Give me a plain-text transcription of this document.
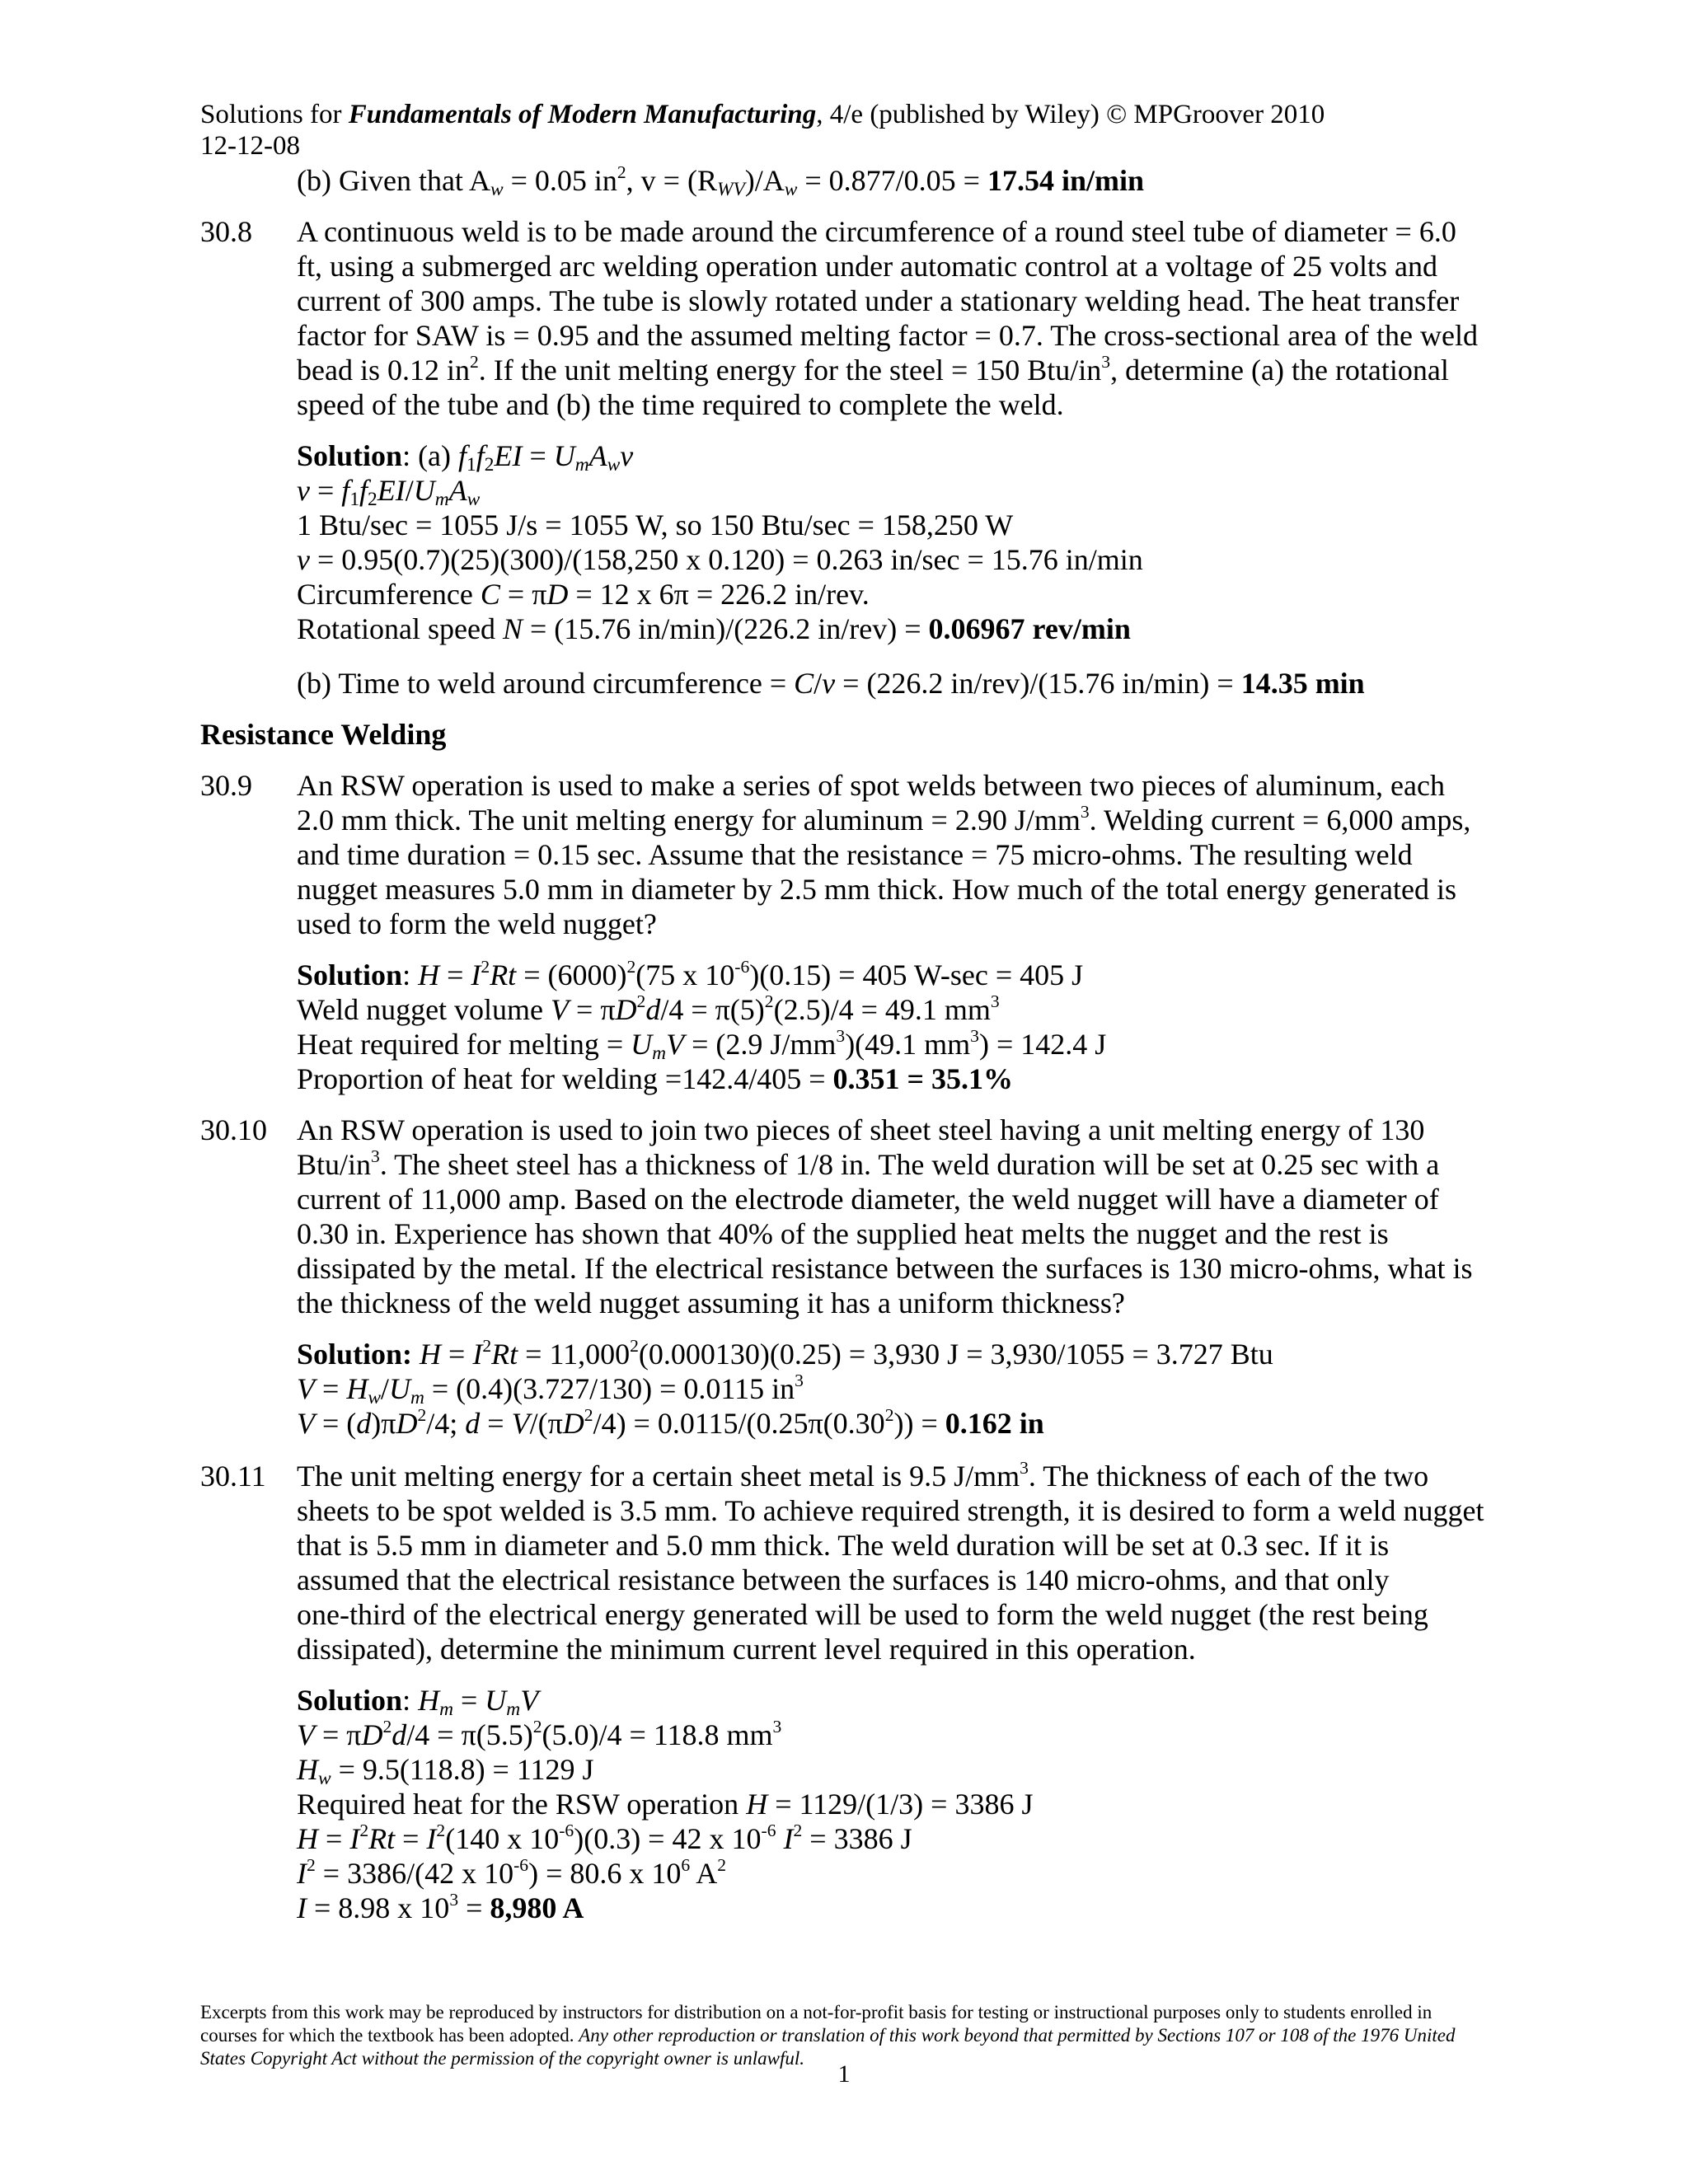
Solutions for Fundamentals of Modern Manufacturing, 4/e (published by Wiley) © MPGroover 2010
12-12-08
(b) Given that $A_w = 0.05$ $in^2$, $v = (R_{WV})/A_w = 0.877/0.05 = 17.54$ in/min
30.8 A continuous weld is to be made around the circumference of a round steel tube of diameter = 6.0
ft, using a submerged arc welding operation under automatic control at a voltage of 25 volts and
current of 300 amps. The tube is slowly rotated under a stationary welding head. The heat transfer
factor for SAW is = 0.95 and the assumed melting factor = 0.7. The cross-sectional area of the weld
bead is 0.12 $in^2$. If the unit melting energy for the steel = 150 Btu/$in^3$, determine (a) the rotational
speed of the tube and (b) the time required to complete the weld.
Solution: (a) $f_1f_2EI = U_mA_wv$
$v = f_1f_2EI/U_mA_w$
1 Btu/sec = 1055 J/s = 1055 W, so 150 Btu/sec = 158,250 W
v = 0.95(0.7)(25)(300)/(158,250 x 0.120) = 0.263 in/sec = 15.76 in/min
Circumference C = πD = 12 x 6π = 226.2 in/rev.
Rotational speed N = (15.76 in/min)/(226.2 in/rev) = 0.06967 rev/min
(b) Time to weld around circumference = C/v = (226.2 in/rev)/(15.76 in/min) = 14.35 min
Resistance Welding
30.9 An RSW operation is used to make a series of spot welds between two pieces of aluminum, each
2.0 mm thick. The unit melting energy for aluminum = 2.90 $J/mm^3$. Welding current = 6,000 amps,
and time duration = 0.15 sec. Assume that the resistance = 75 micro-ohms. The resulting weld
nugget measures 5.0 mm in diameter by 2.5 mm thick. How much of the total energy generated is
used to form the weld nugget?
Solution: $H = I^2Rt = (6000)^2(75$ x $10^{-6})(0.15) = 405$ W-sec = 405 J
Weld nugget volume $V = \pi D^2d/4 = \pi(5)^2(2.5)/4 = 49.1$ $mm^3$
Heat required for melting = $U_mV = (2.9$ $J/mm^3)(49.1$ $mm^3) = 142.4$ J
Proportion of heat for welding =142.4/405 = 0.351 = 35.1%
30.10 An RSW operation is used to join two pieces of sheet steel having a unit melting energy of 130
Btu/$in^3$. The sheet steel has a thickness of 1/8 in. The weld duration will be set at 0.25 sec with a
current of 11,000 amp. Based on the electrode diameter, the weld nugget will have a diameter of
0.30 in. Experience has shown that 40% of the supplied heat melts the nugget and the rest is
dissipated by the metal. If the electrical resistance between the surfaces is 130 micro-ohms, what is
the thickness of the weld nugget assuming it has a uniform thickness?
Solution: $H = I^2Rt = 11,000^2(0.000130)(0.25) = 3,930$ J = 3,930/1055 = 3.727 Btu
$V = H_w/U_m = (0.4)(3.727/130) = 0.0115$ $in^3$
$V = (d)\pi D^2/4$; $d = V/(\pi D^2/4) = 0.0115/(0.25\pi(0.30^2)) = 0.162$ in
30.11 The unit melting energy for a certain sheet metal is 9.5 $J/mm^3$. The thickness of each of the two
sheets to be spot welded is 3.5 mm. To achieve required strength, it is desired to form a weld nugget
that is 5.5 mm in diameter and 5.0 mm thick. The weld duration will be set at 0.3 sec. If it is
assumed that the electrical resistance between the surfaces is 140 micro-ohms, and that only
one-third of the electrical energy generated will be used to form the weld nugget (the rest being
dissipated), determine the minimum current level required in this operation.
Solution: $H_m = U_mV$
$V = \pi D^2d/4 = \pi(5.5)^2(5.0)/4 = 118.8$ $mm^3$
$H_w = 9.5(118.8) = 1129$ J
Required heat for the RSW operation H = 1129/(1/3) = 3386 J
$H = I^2Rt = I^2(140$ x $10^{-6})(0.3) = 42$ x $10^{-6}$ $I^2 = 3386$ J
$I^2 = 3386/(42$ x $10^{-6}) = 80.6$ x $10^6$ $A^2$
I = 8.98 x $10^3 = 8,980$ A
Excerpts from this work may be reproduced by instructors for distribution on a not-for-profit basis for testing or instructional purposes only to students enrolled in courses for which the textbook has been adopted. Any other reproduction or translation of this work beyond that permitted by Sections 107 or 108 of the 1976 United States Copyright Act without the permission of the copyright owner is unlawful.
1
